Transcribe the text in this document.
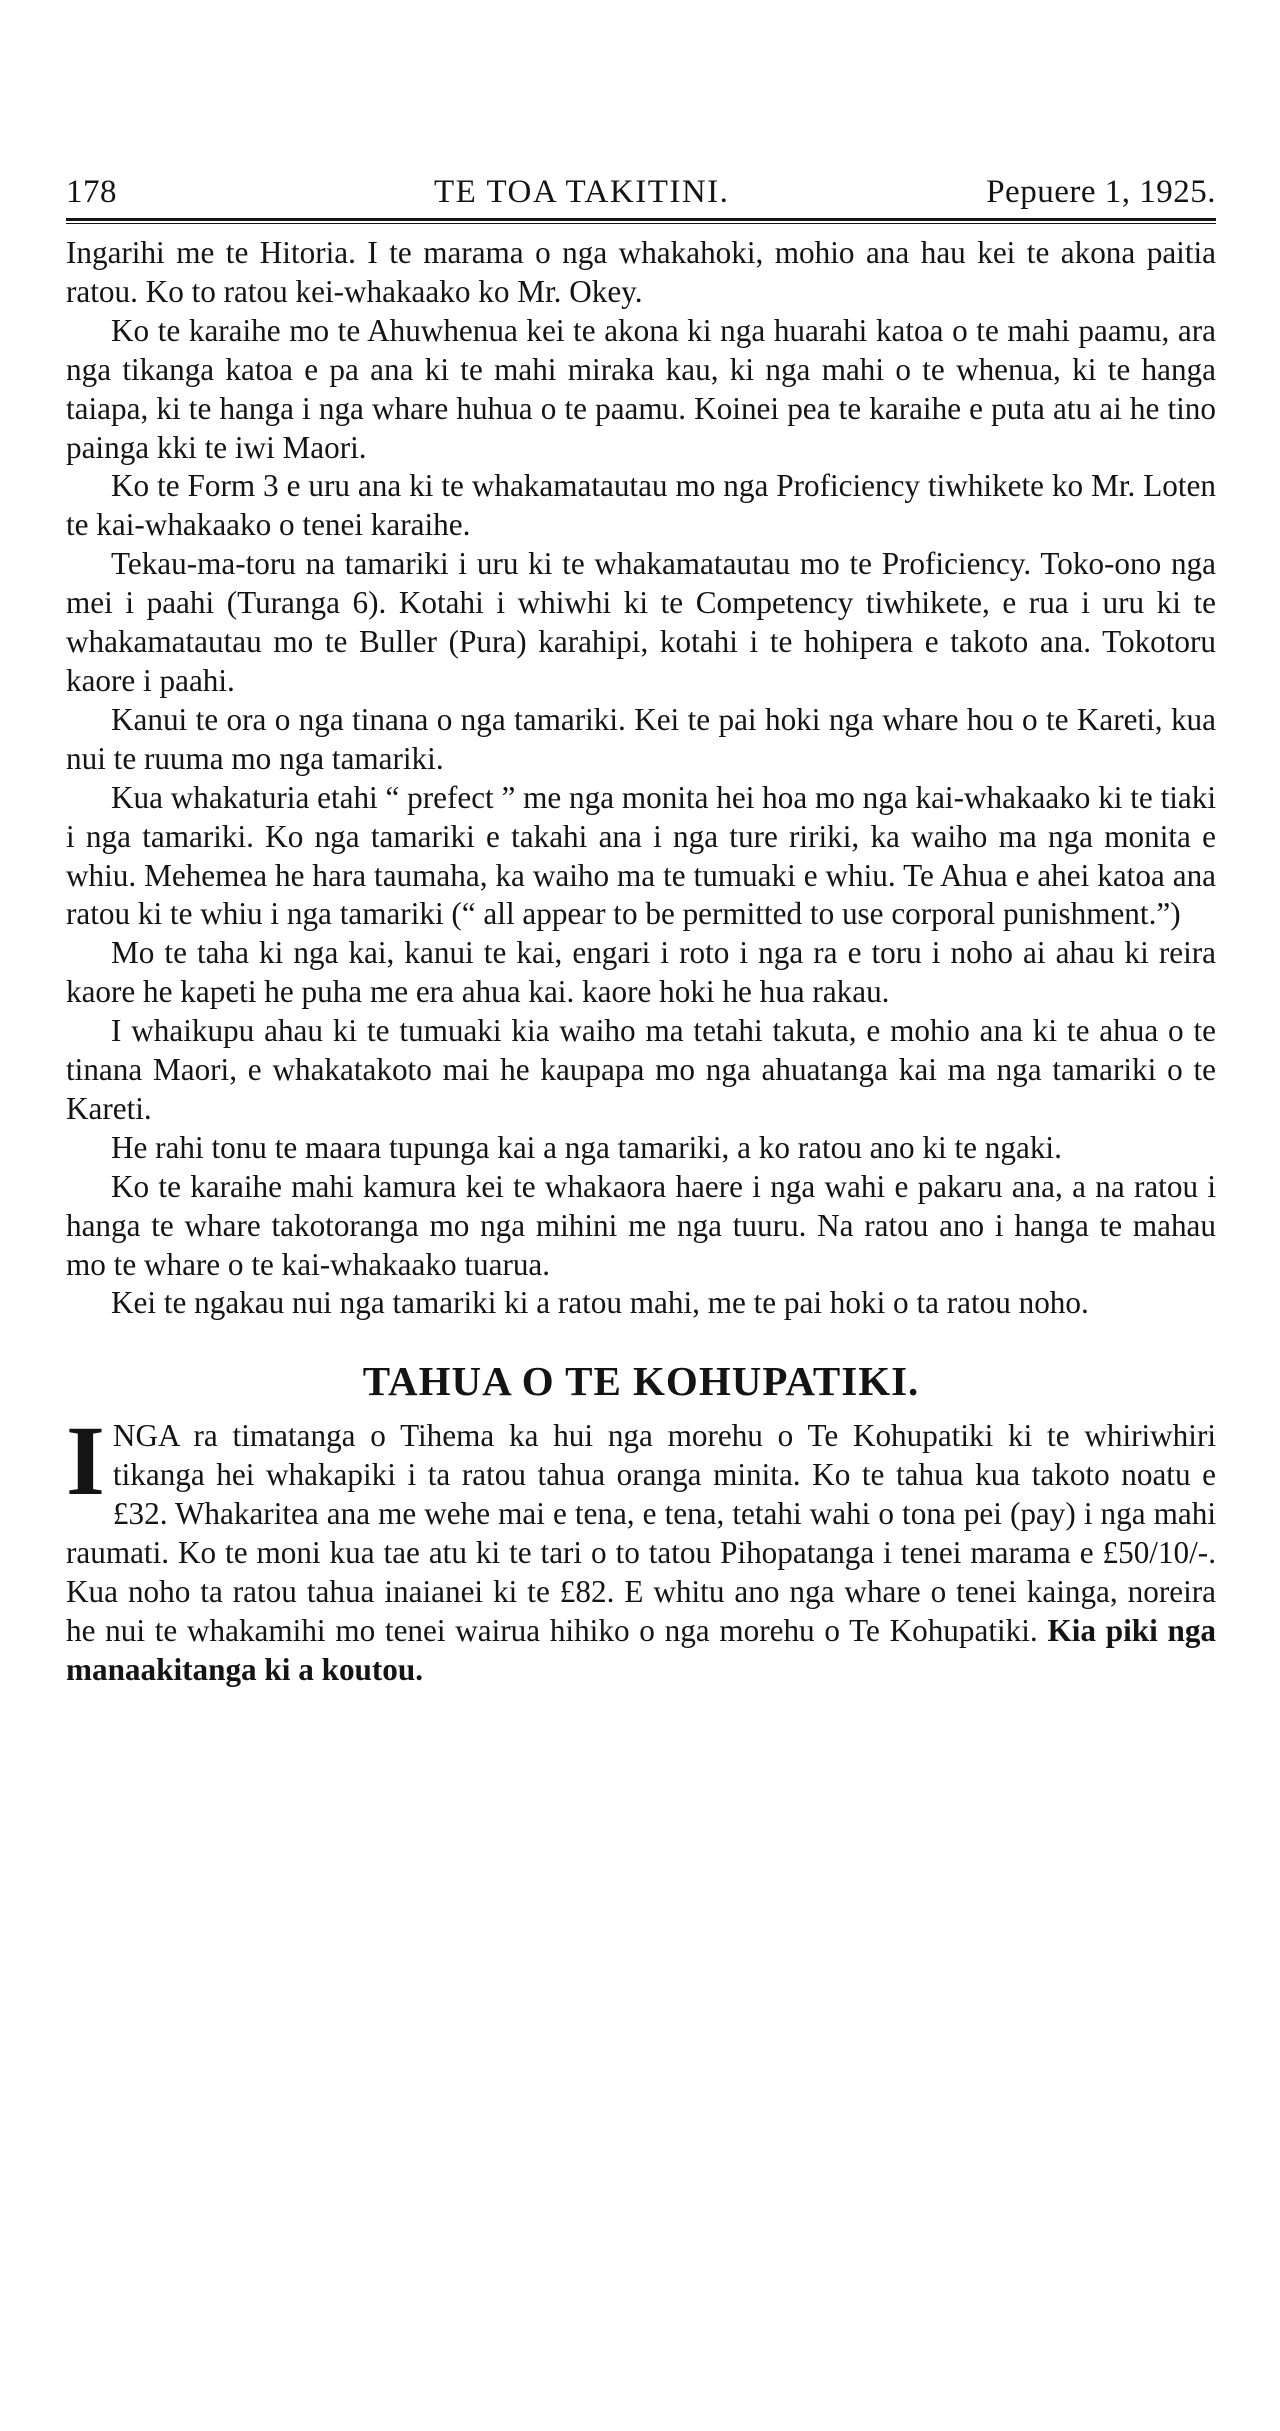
178	TE TOA TAKITINI.	Pepuere 1, 1925.

Ingarihi me te Hitoria. I te marama o nga whakahoki, mohio ana hau kei te akona paitia ratou. Ko to ratou kei-whakaako ko Mr. Okey.

Ko te karaihe mo te Ahuwhenua kei te akona ki nga huarahi katoa o te mahi paamu, ara nga tikanga katoa e pa ana ki te mahi miraka kau, ki nga mahi o te whenua, ki te hanga taiapa, ki te hanga i nga whare huhua o te paamu. Koinei pea te karaihe e puta atu ai he tino painga kki te iwi Maori.

Ko te Form 3 e uru ana ki te whakamatautau mo nga Proficiency tiwhikete ko Mr. Loten te kai-whakaako o tenei karaihe.

Tekau-ma-toru na tamariki i uru ki te whakamatautau mo te Proficiency. Toko-ono nga mei i paahi (Turanga 6). Kotahi i whiwhi ki te Competency tiwhikete, e rua i uru ki te whakamatautau mo te Buller (Pura) karahipi, kotahi i te hohipera e takoto ana. Tokotoru kaore i paahi.

Kanui te ora o nga tinana o nga tamariki. Kei te pai hoki nga whare hou o te Kareti, kua nui te ruuma mo nga tamariki.

Kua whakaturia etahi “ prefect ” me nga monita hei hoa mo nga kai-whakaako ki te tiaki i nga tamariki. Ko nga tamariki e takahi ana i nga ture ririki, ka waiho ma nga monita e whiu. Mehemea he hara taumaha, ka waiho ma te tumuaki e whiu. Te Ahua e ahei katoa ana ratou ki te whiu i nga tamariki (“ all appear to be permitted to use corporal punishment.”)

Mo te taha ki nga kai, kanui te kai, engari i roto i nga ra e toru i noho ai ahau ki reira kaore he kapeti he puha me era ahua kai. kaore hoki he hua rakau.

I whaikupu ahau ki te tumuaki kia waiho ma tetahi takuta, e mohio ana ki te ahua o te tinana Maori, e whakatakoto mai he kaupapa mo nga ahuatanga kai ma nga tamariki o te Kareti.

He rahi tonu te maara tupunga kai a nga tamariki, a ko ratou ano ki te ngaki.

Ko te karaihe mahi kamura kei te whakaora haere i nga wahi e pakaru ana, a na ratou i hanga te whare takotoranga mo nga mihini me nga tuuru. Na ratou ano i hanga te mahau mo te whare o te kai-whakaako tuarua.

Kei te ngakau nui nga tamariki ki a ratou mahi, me te pai hoki o ta ratou noho.

TAHUA O TE KOHUPATIKI.

INGA ra timatanga o Tihema ka hui nga morehu o Te Kohupatiki ki te whiriwhiri tikanga hei whakapiki i ta ratou tahua oranga minita. Ko te tahua kua takoto noatu e £32. Whakaritea ana me wehe mai e tena, e tena, tetahi wahi o tona pei (pay) i nga mahi raumati. Ko te moni kua tae atu ki te tari o to tatou Pihopatanga i tenei marama e £50/10/-. Kua noho ta ratou tahua inaianei ki te £82. E whitu ano nga whare o tenei kainga, noreira he nui te whakamihi mo tenei wairua hihiko o nga morehu o Te Kohupatiki. Kia piki nga manaakitanga ki a koutou.
